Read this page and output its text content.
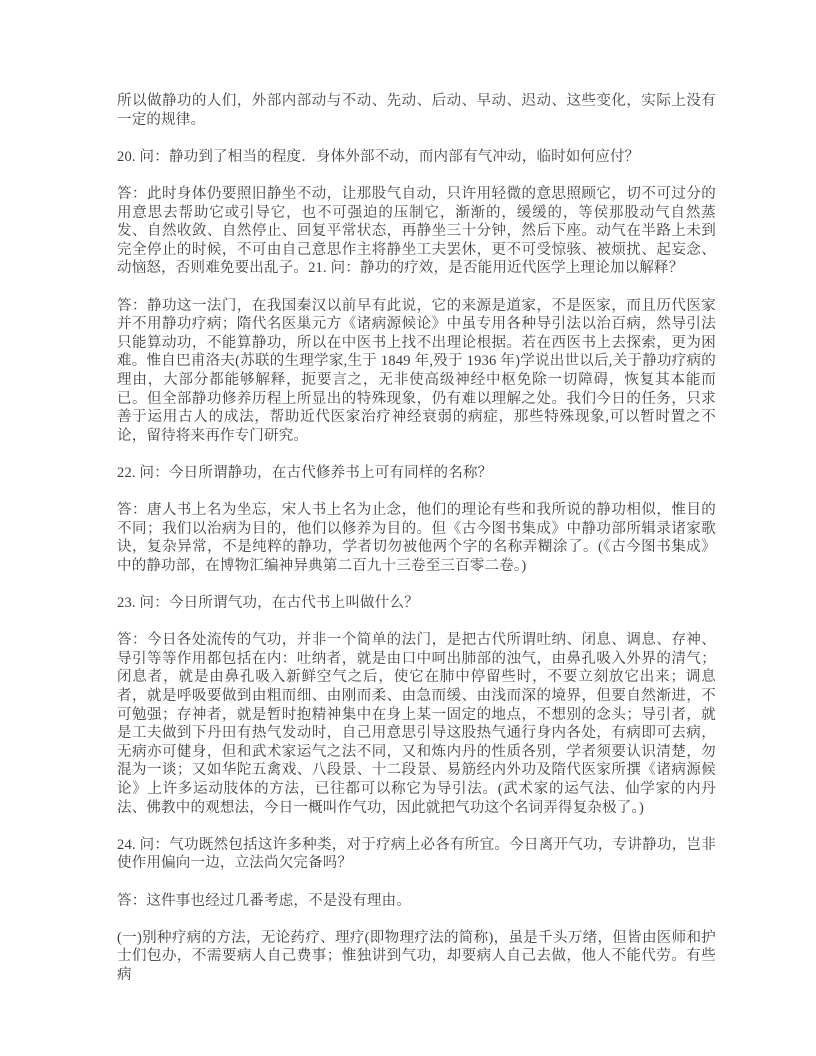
所以做静功的人们，外部内部动与不动、先动、后动、早动、迟动、这些变化，实际上没有一定的规律。

20. 问：静功到了相当的程度．身体外部不动，而内部有气冲动，临时如何应付？

答：此时身体仍要照旧静坐不动，让那股气自动，只许用轻微的意思照顾它，切不可过分的用意思去帮助它或引导它，也不可强迫的压制它，渐渐的，缓缓的，等侯那股动气自然蒸发、自然收敛、自然停止、回复平常状态，再静坐三十分钟，然后下座。动气在半路上未到完全停止的时候，不可由自己意思作主将静坐工夫罢休，更不可受惊骇、被烦扰、起妄念、动恼怒，否则难免要出乱子。21. 问：静功的疗效，是否能用近代医学上理论加以解释？

答：静功这一法门，在我国秦汉以前早有此说，它的来源是道家，不是医家，而且历代医家并不用静功疗病；隋代名医巢元方《诸病源候论》中虽专用各种导引法以治百病，然导引法只能算动功，不能算静功，所以在中医书上找不出理论根据。若在西医书上去探索，更为困难。惟自巴甫洛夫(苏联的生理学家,生于 1849 年,殁于 1936 年)学说出世以后,关于静功疗病的理由，大部分都能够解释，扼要言之，无非使高级神经中枢免除一切障碍，恢复其本能而已。但全部静功修养历程上所显出的特殊现象，仍有难以理解之处。我们今日的任务，只求善于运用古人的成法，帮助近代医家治疗神经衰弱的病症，那些特殊现象,可以暂时置之不论，留待将来再作专门研究。

22. 问：今日所谓静功，在古代修养书上可有同样的名称？

答：唐人书上名为坐忘，宋人书上名为止念，他们的理论有些和我所说的静功相似，惟目的不同；我们以治病为目的，他们以修养为目的。但《古今图书集成》中静功部所辑录诸家歌诀，复杂异常，不是纯粹的静功，学者切勿被他两个字的名称弄糊涂了。(《古今图书集成》中的静功部，在博物汇编神异典第二百九十三卷至三百零二卷。)

23. 问：今日所谓气功，在古代书上叫做什么？

答：今日各处流传的气功，并非一个简单的法门，是把古代所谓吐纳、闭息、调息、存神、导引等等作用都包括在内：吐纳者，就是由口中呵出肺部的浊气，由鼻孔吸入外界的清气；闭息者，就是由鼻孔吸入新鲜空气之后，使它在肺中停留些时，不要立刻放它出来；调息者，就是呼吸要做到由粗而细、由刚而柔、由急而缓、由浅而深的境界，但要自然渐进，不可勉强；存神者，就是暂时抱精神集中在身上某一固定的地点，不想别的念头；导引者，就是工夫做到下丹田有热气发动时，自己用意思引导这股热气通行身内各处，有病即可去病，无病亦可健身，但和武术家运气之法不同，又和炼内丹的性质各别，学者须要认识清楚，勿混为一谈；又如华陀五禽戏、八段景、十二段景、易筋经内外功及隋代医家所撰《诸病源候论》上许多运动肢体的方法，已往都可以称它为导引法。(武术家的运气法、仙学家的内丹法、佛教中的观想法，今日一概叫作气功，因此就把气功这个名词弄得复杂极了。)

24. 问：气功既然包括这许多种类，对于疗病上必各有所宜。今日离开气功，专讲静功，岂非使作用偏向一边，立法尚欠完备吗？

答：这件事也经过几番考虑，不是没有理由。

(一)别种疗病的方法，无论药疗、理疗(即物理疗法的简称)，虽是千头万绪，但皆由医师和护士们包办，不需要病人自己费事；惟独讲到气功，却要病人自己去做，他人不能代劳。有些病
